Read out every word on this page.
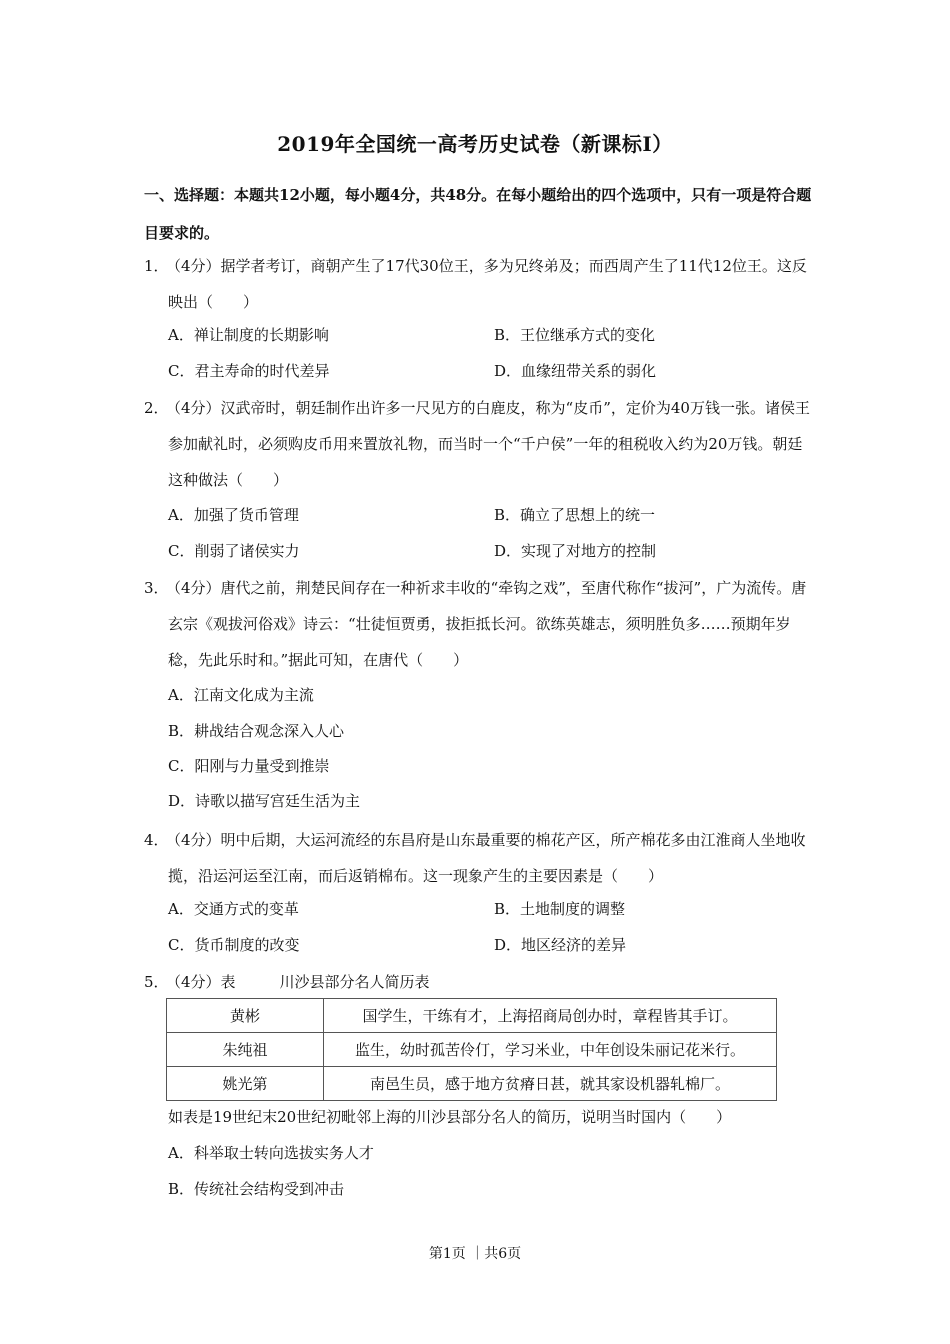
2019年全国统一高考历史试卷（新课标Ⅰ）
一、选择题：本题共12小题，每小题4分，共48分。在每小题给出的四个选项中，只有一项是符合题目要求的。
1．
（4分）据学者考订，商朝产生了17代30位王，多为兄终弟及；而西周产生了11代12位王。这反映出（　　）
A．禅让制度的长期影响	B．王位继承方式的变化
C．君主寿命的时代差异	D．血缘纽带关系的弱化
2．
（4分）汉武帝时，朝廷制作出许多一尺见方的白鹿皮，称为“皮币”，定价为40万钱一张。诸侯王参加献礼时，必须购皮币用来置放礼物，而当时一个“千户侯”一年的租税收入约为20万钱。朝廷这种做法（　　）
A．加强了货币管理	B．确立了思想上的统一
C．削弱了诸侯实力	D．实现了对地方的控制
3．
（4分）唐代之前，荆楚民间存在一种祈求丰收的“牵钩之戏”，至唐代称作“拔河”，广为流传。唐玄宗《观拔河俗戏》诗云：“壮徒恒贾勇，拔拒抵长河。欲练英雄志，须明胜负多……预期年岁稔，先此乐时和。”据此可知，在唐代（　　）
A．江南文化成为主流
B．耕战结合观念深入人心
C．阳刚与力量受到推崇
D．诗歌以描写宫廷生活为主
4．
（4分）明中后期，大运河流经的东昌府是山东最重要的棉花产区，所产棉花多由江淮商人坐地收揽，沿运河运至江南，而后返销棉布。这一现象产生的主要因素是（　　）
A．交通方式的变革	B．土地制度的调整
C．货币制度的改变	D．地区经济的差异
5．
（4分）表	川沙县部分名人简历表
黄彬	国学生，干练有才，上海招商局创办时，章程皆其手订。
朱纯祖	监生，幼时孤苦伶仃，学习米业，中年创设朱丽记花米行。
姚光第	南邑生员，感于地方贫瘠日甚，就其家设机器轧棉厂。
如表是19世纪末20世纪初毗邻上海的川沙县部分名人的简历，说明当时国内（　　）
A．科举取士转向选拔实务人才
B．传统社会结构受到冲击
第1页 ｜共6页
